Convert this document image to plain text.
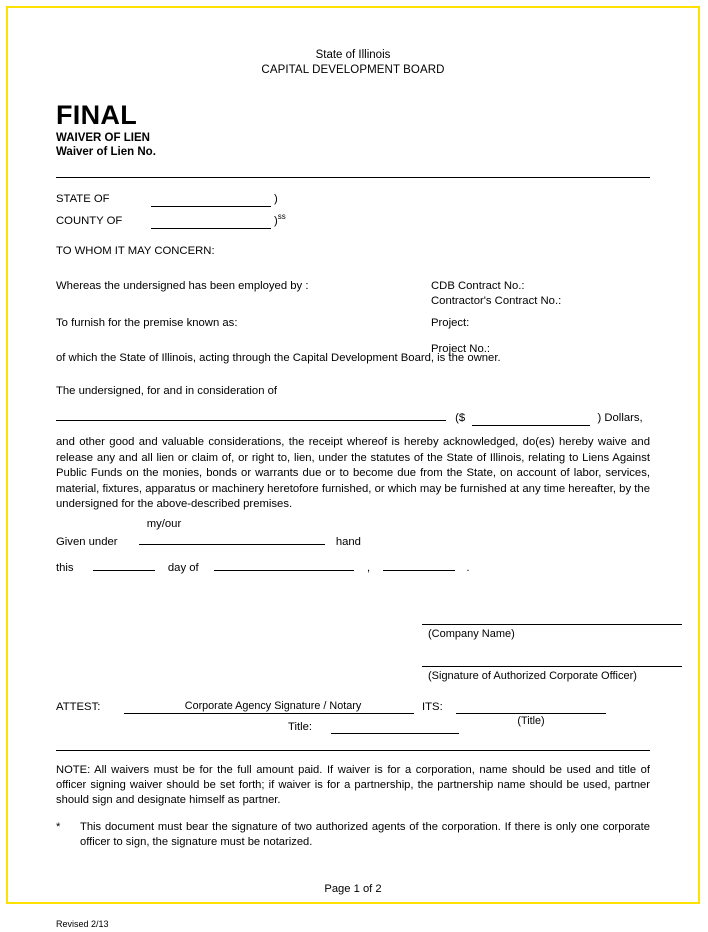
State of Illinois
CAPITAL DEVELOPMENT BOARD
FINAL
WAIVER OF LIEN
Waiver of Lien No.
STATE OF	)
COUNTY OF	)$^{ss}$
TO WHOM IT MAY CONCERN:
Whereas the undersigned has been employed by :	CDB Contract No.:
Contractor's Contract No.:
To furnish for the premise known as:	Project:
Project No.:
of which the State of Illinois, acting through the Capital Development Board, is the owner.
The undersigned, for and in consideration of
($	) Dollars,
and other good and valuable considerations, the receipt whereof is hereby acknowledged, do(es) hereby waive and release any and all lien or claim of, or right to, lien, under the statutes of the State of Illinois, relating to Liens Against Public Funds on the monies, bonds or warrants due or to become due from the State, on account of labor, services, material, fixtures, apparatus or machinery heretofore furnished, or which may be furnished at any time hereafter, by the undersigned for the above-described premises.
Given under
my/our
hand
this	day of	,	.
(Company Name)
(Signature of Authorized Corporate Officer)
ATTEST:	Corporate Agency Signature / Notary	ITS:
(Title)
Title:
NOTE: All waivers must be for the full amount paid. If waiver is for a corporation, name should be used and title of officer signing waiver should be set forth; if waiver is for a partnership, the partnership name should be used, partner should sign and designate himself as partner.
*	This document must bear the signature of two authorized agents of the corporation. If there is only one corporate officer to sign, the signature must be notarized.
Page 1 of 2
Revised 2/13
